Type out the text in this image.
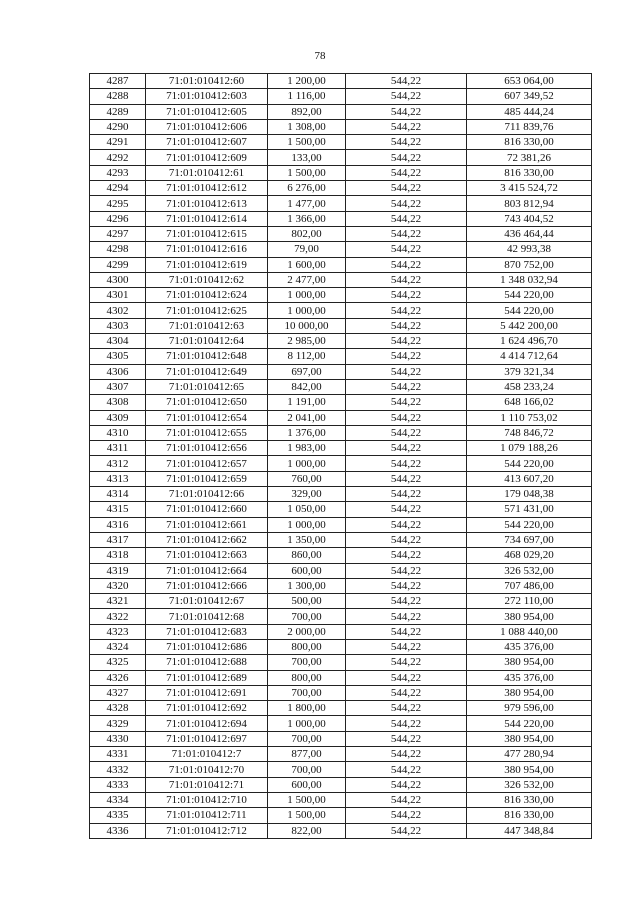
78
4287	71:01:010412:60	1 200,00	544,22	653 064,00
4288	71:01:010412:603	1 116,00	544,22	607 349,52
4289	71:01:010412:605	892,00	544,22	485 444,24
4290	71:01:010412:606	1 308,00	544,22	711 839,76
4291	71:01:010412:607	1 500,00	544,22	816 330,00
4292	71:01:010412:609	133,00	544,22	72 381,26
4293	71:01:010412:61	1 500,00	544,22	816 330,00
4294	71:01:010412:612	6 276,00	544,22	3 415 524,72
4295	71:01:010412:613	1 477,00	544,22	803 812,94
4296	71:01:010412:614	1 366,00	544,22	743 404,52
4297	71:01:010412:615	802,00	544,22	436 464,44
4298	71:01:010412:616	79,00	544,22	42 993,38
4299	71:01:010412:619	1 600,00	544,22	870 752,00
4300	71:01:010412:62	2 477,00	544,22	1 348 032,94
4301	71:01:010412:624	1 000,00	544,22	544 220,00
4302	71:01:010412:625	1 000,00	544,22	544 220,00
4303	71:01:010412:63	10 000,00	544,22	5 442 200,00
4304	71:01:010412:64	2 985,00	544,22	1 624 496,70
4305	71:01:010412:648	8 112,00	544,22	4 414 712,64
4306	71:01:010412:649	697,00	544,22	379 321,34
4307	71:01:010412:65	842,00	544,22	458 233,24
4308	71:01:010412:650	1 191,00	544,22	648 166,02
4309	71:01:010412:654	2 041,00	544,22	1 110 753,02
4310	71:01:010412:655	1 376,00	544,22	748 846,72
4311	71:01:010412:656	1 983,00	544,22	1 079 188,26
4312	71:01:010412:657	1 000,00	544,22	544 220,00
4313	71:01:010412:659	760,00	544,22	413 607,20
4314	71:01:010412:66	329,00	544,22	179 048,38
4315	71:01:010412:660	1 050,00	544,22	571 431,00
4316	71:01:010412:661	1 000,00	544,22	544 220,00
4317	71:01:010412:662	1 350,00	544,22	734 697,00
4318	71:01:010412:663	860,00	544,22	468 029,20
4319	71:01:010412:664	600,00	544,22	326 532,00
4320	71:01:010412:666	1 300,00	544,22	707 486,00
4321	71:01:010412:67	500,00	544,22	272 110,00
4322	71:01:010412:68	700,00	544,22	380 954,00
4323	71:01:010412:683	2 000,00	544,22	1 088 440,00
4324	71:01:010412:686	800,00	544,22	435 376,00
4325	71:01:010412:688	700,00	544,22	380 954,00
4326	71:01:010412:689	800,00	544,22	435 376,00
4327	71:01:010412:691	700,00	544,22	380 954,00
4328	71:01:010412:692	1 800,00	544,22	979 596,00
4329	71:01:010412:694	1 000,00	544,22	544 220,00
4330	71:01:010412:697	700,00	544,22	380 954,00
4331	71:01:010412:7	877,00	544,22	477 280,94
4332	71:01:010412:70	700,00	544,22	380 954,00
4333	71:01:010412:71	600,00	544,22	326 532,00
4334	71:01:010412:710	1 500,00	544,22	816 330,00
4335	71:01:010412:711	1 500,00	544,22	816 330,00
4336	71:01:010412:712	822,00	544,22	447 348,84
